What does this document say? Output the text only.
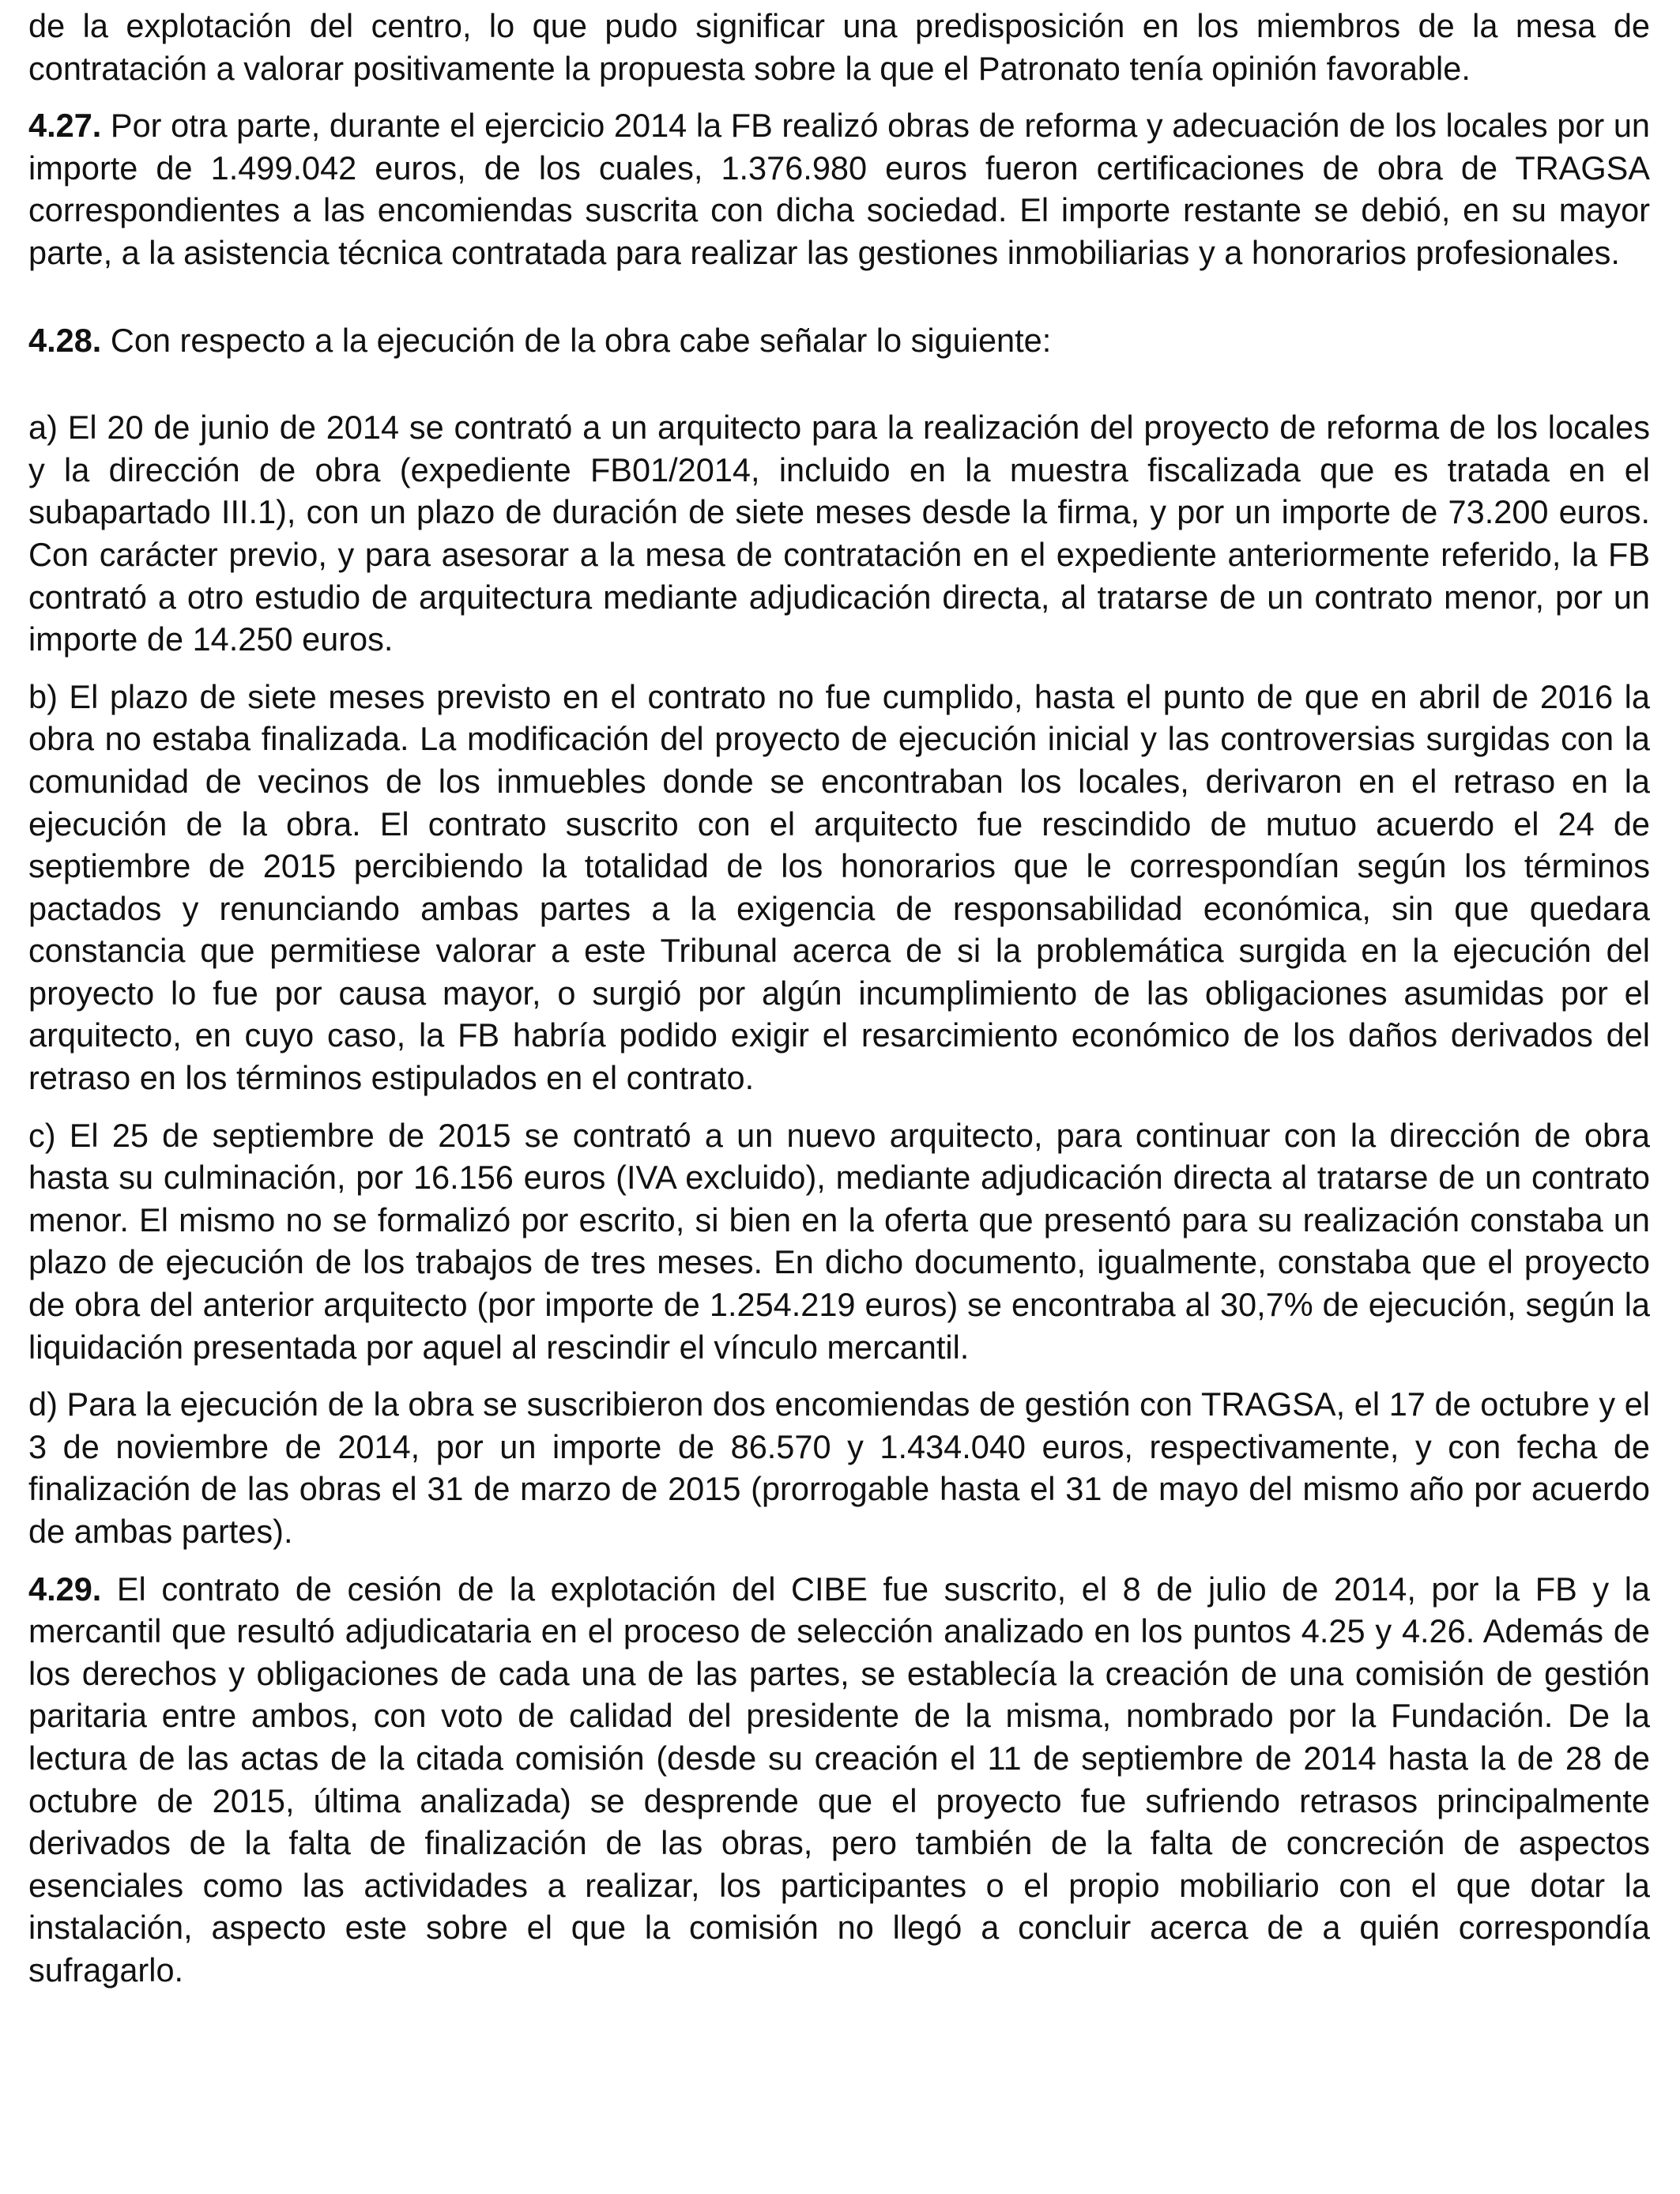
de la explotación del centro, lo que pudo significar una predisposición en los miembros de la mesa de contratación a valorar positivamente la propuesta sobre la que el Patronato tenía opinión favorable.

4.27. Por otra parte, durante el ejercicio 2014 la FB realizó obras de reforma y adecuación de los locales por un importe de 1.499.042 euros, de los cuales, 1.376.980 euros fueron certificaciones de obra de TRAGSA correspondientes a las encomiendas suscrita con dicha sociedad. El importe restante se debió, en su mayor parte, a la asistencia técnica contratada para realizar las gestiones inmobiliarias y a honorarios profesionales.

4.28. Con respecto a la ejecución de la obra cabe señalar lo siguiente:

a) El 20 de junio de 2014 se contrató a un arquitecto para la realización del proyecto de reforma de los locales y la dirección de obra (expediente FB01/2014, incluido en la muestra fiscalizada que es tratada en el subapartado III.1), con un plazo de duración de siete meses desde la firma, y por un importe de 73.200 euros. Con carácter previo, y para asesorar a la mesa de contratación en el expediente anteriormente referido, la FB contrató a otro estudio de arquitectura mediante adjudicación directa, al tratarse de un contrato menor, por un importe de 14.250 euros.

b) El plazo de siete meses previsto en el contrato no fue cumplido, hasta el punto de que en abril de 2016 la obra no estaba finalizada. La modificación del proyecto de ejecución inicial y las controversias surgidas con la comunidad de vecinos de los inmuebles donde se encontraban los locales, derivaron en el retraso en la ejecución de la obra. El contrato suscrito con el arquitecto fue rescindido de mutuo acuerdo el 24 de septiembre de 2015 percibiendo la totalidad de los honorarios que le correspondían según los términos pactados y renunciando ambas partes a la exigencia de responsabilidad económica, sin que quedara constancia que permitiese valorar a este Tribunal acerca de si la problemática surgida en la ejecución del proyecto lo fue por causa mayor, o surgió por algún incumplimiento de las obligaciones asumidas por el arquitecto, en cuyo caso, la FB habría podido exigir el resarcimiento económico de los daños derivados del retraso en los términos estipulados en el contrato.

c) El 25 de septiembre de 2015 se contrató a un nuevo arquitecto, para continuar con la dirección de obra hasta su culminación, por 16.156 euros (IVA excluido), mediante adjudicación directa al tratarse de un contrato menor. El mismo no se formalizó por escrito, si bien en la oferta que presentó para su realización constaba un plazo de ejecución de los trabajos de tres meses. En dicho documento, igualmente, constaba que el proyecto de obra del anterior arquitecto (por importe de 1.254.219 euros) se encontraba al 30,7% de ejecución, según la liquidación presentada por aquel al rescindir el vínculo mercantil.

d) Para la ejecución de la obra se suscribieron dos encomiendas de gestión con TRAGSA, el 17 de octubre y el 3 de noviembre de 2014, por un importe de 86.570 y 1.434.040 euros, respectivamente, y con fecha de finalización de las obras el 31 de marzo de 2015 (prorrogable hasta el 31 de mayo del mismo año por acuerdo de ambas partes).

4.29. El contrato de cesión de la explotación del CIBE fue suscrito, el 8 de julio de 2014, por la FB y la mercantil que resultó adjudicataria en el proceso de selección analizado en los puntos 4.25 y 4.26. Además de los derechos y obligaciones de cada una de las partes, se establecía la creación de una comisión de gestión paritaria entre ambos, con voto de calidad del presidente de la misma, nombrado por la Fundación. De la lectura de las actas de la citada comisión (desde su creación el 11 de septiembre de 2014 hasta la de 28 de octubre de 2015, última analizada) se desprende que el proyecto fue sufriendo retrasos principalmente derivados de la falta de finalización de las obras, pero también de la falta de concreción de aspectos esenciales como las actividades a realizar, los participantes o el propio mobiliario con el que dotar la instalación, aspecto este sobre el que la comisión no llegó a concluir acerca de a quién correspondía sufragarlo.
